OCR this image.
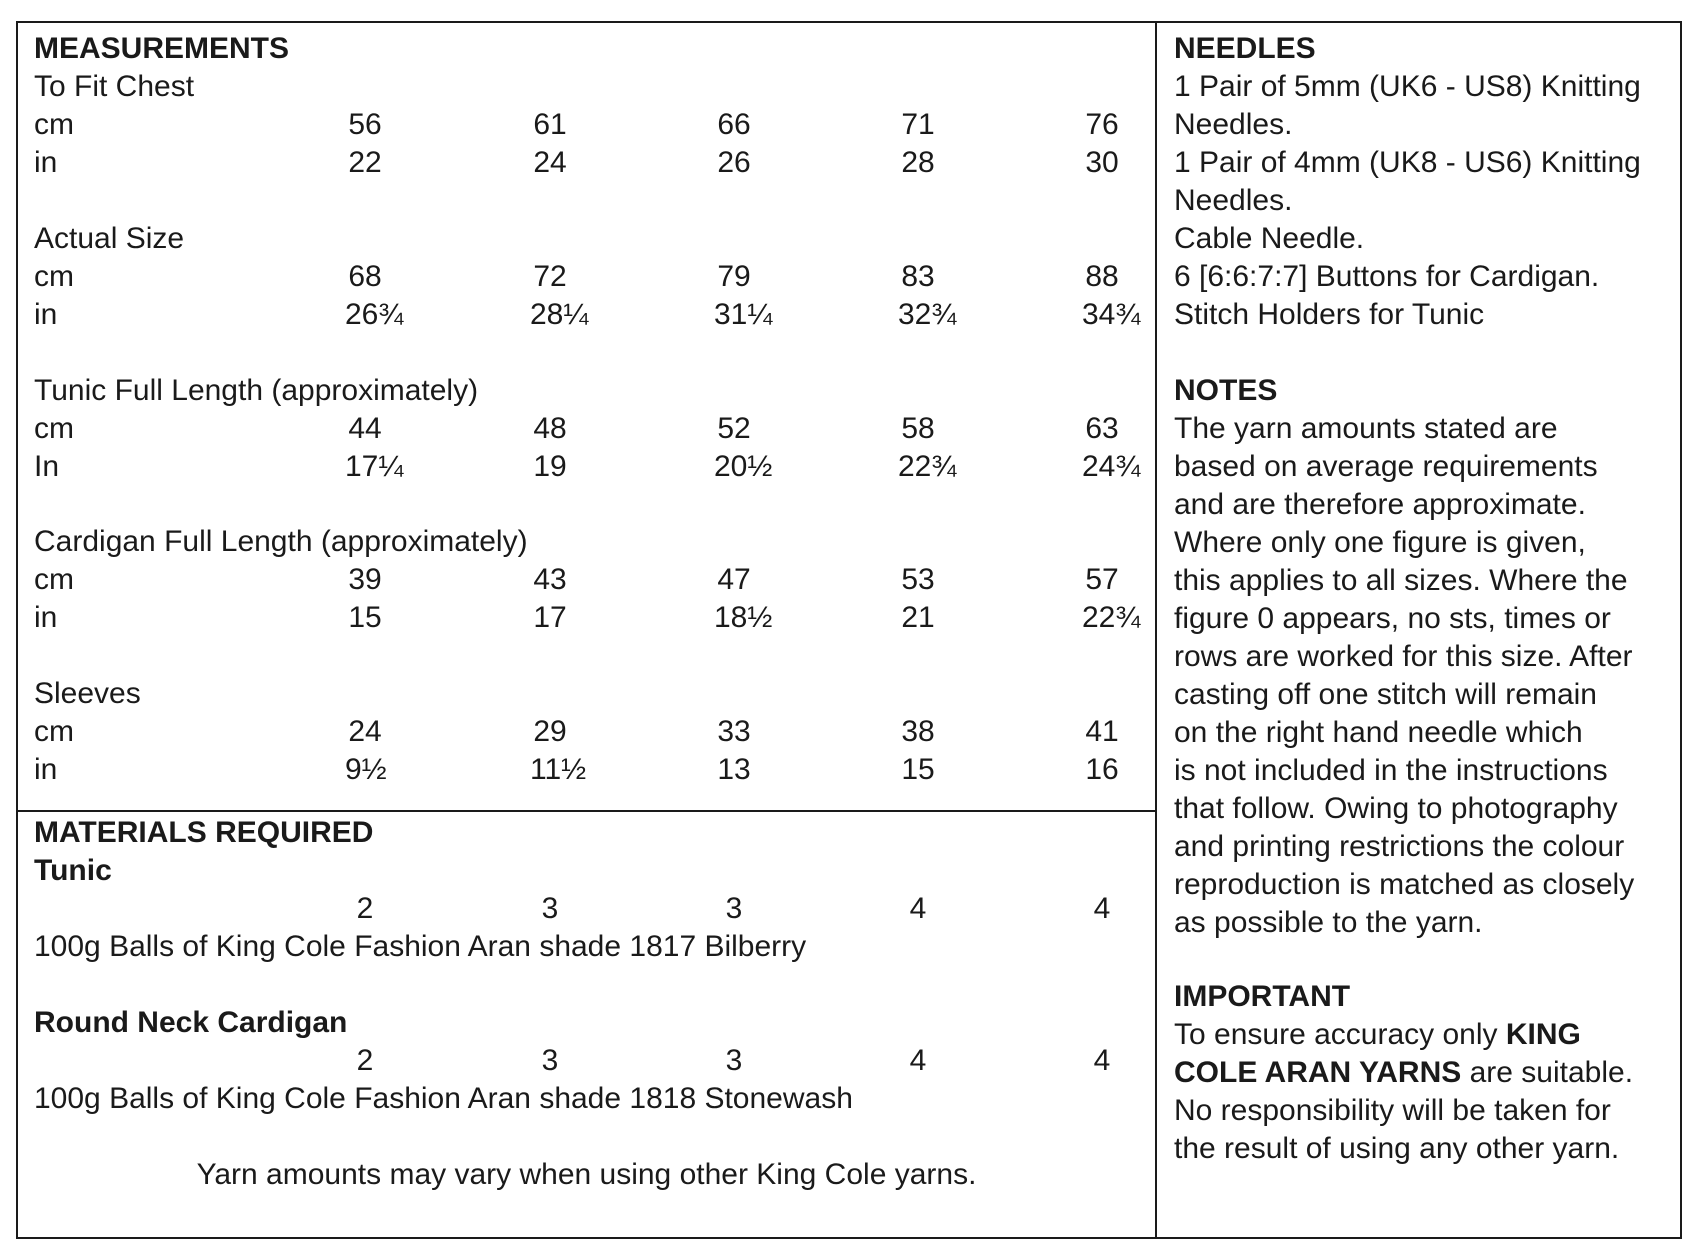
MEASUREMENTS
To Fit Chest
cm	56	61	66	71	76
in	22	24	26	28	30
Actual Size
cm	68	72	79	83	88
in	26¾	28¼	31¼	32¾	34¾
Tunic Full Length (approximately)
cm	44	48	52	58	63
In	17¼	19	20½	22¾	24¾
Cardigan Full Length (approximately)
cm	39	43	47	53	57
in	15	17	18½	21	22¾
Sleeves
cm	24	29	33	38	41
in	9½	11½	13	15	16
MATERIALS REQUIRED
Tunic
2	3	3	4	4
100g Balls of King Cole Fashion Aran shade 1817 Bilberry
Round Neck Cardigan
2	3	3	4	4
100g Balls of King Cole Fashion Aran shade 1818 Stonewash
Yarn amounts may vary when using other King Cole yarns.
NEEDLES
1 Pair of 5mm (UK6 - US8) Knitting
Needles.
1 Pair of 4mm (UK8 - US6) Knitting
Needles.
Cable Needle.
6 [6:6:7:7] Buttons for Cardigan.
Stitch Holders for Tunic
NOTES
The yarn amounts stated are
based on average requirements
and are therefore approximate.
Where only one figure is given,
this applies to all sizes. Where the
figure 0 appears, no sts, times or
rows are worked for this size. After
casting off one stitch will remain
on the right hand needle which
is not included in the instructions
that follow. Owing to photography
and printing restrictions the colour
reproduction is matched as closely
as possible to the yarn.
IMPORTANT
To ensure accuracy only KING
COLE ARAN YARNS are suitable.
No responsibility will be taken for
the result of using any other yarn.
